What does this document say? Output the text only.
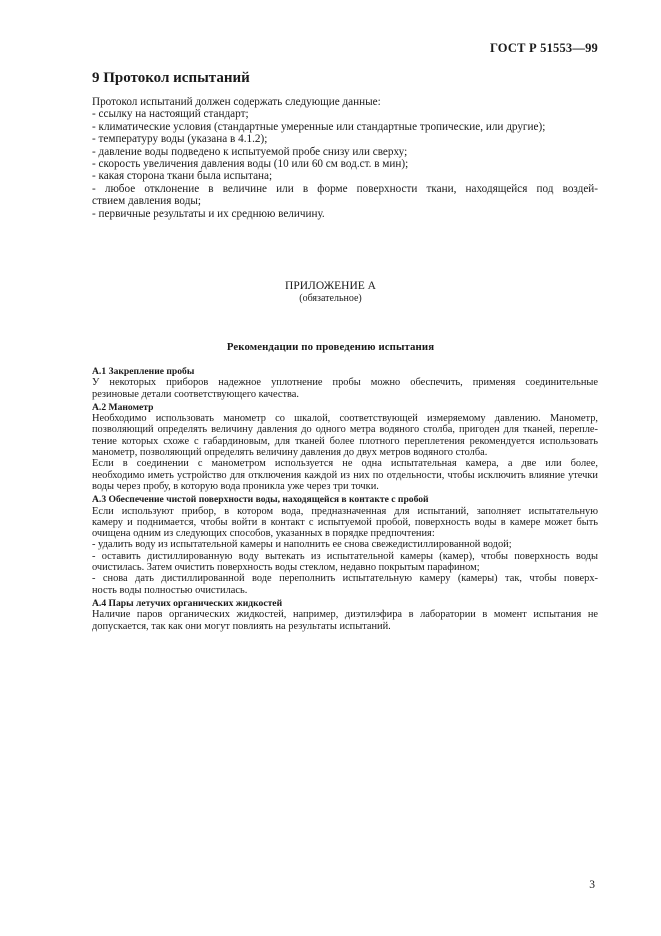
ГОСТ Р 51553—99
9 Протокол испытаний

Протокол испытаний должен содержать следующие данные:

- ссылку на настоящий стандарт;

- климатические условия (стандартные умеренные или стандартные тропические, или другие);

- температуру воды (указана в 4.1.2);

- давление воды подведено к испытуемой пробе снизу или сверху;

- скорость увеличения давления воды (10 или 60 см вод.ст. в мин);

- какая сторона ткани была испытана;

- любое отклонение в величине или в форме поверхности ткани, находящейся под воздей-

ствием давления воды;

- первичные результаты и их среднюю величину.

ПРИЛОЖЕНИЕ А
(обязательное)
Рекомендации по проведению испытания

А.1 Закрепление пробы

У некоторых приборов надежное уплотнение пробы можно обеспечить, применяя соединительные

резиновые детали соответствующего качества.

А.2 Манометр

Необходимо использовать манометр со шкалой, соответствующей измеряемому давлению. Манометр,

позволяющий определять величину давления до одного метра водяного столба, пригоден для тканей, перепле-

тение которых схоже с габардиновым, для тканей более плотного переплетения рекомендуется использовать

манометр, позволяющий определять величину давления до двух метров водяного столба.

Если в соединении с манометром используется не одна испытательная камера, а две или более,

необходимо иметь устройство для отключения каждой из них по отдельности, чтобы исключить влияние утечки

воды через пробу, в которую вода проникла уже через три точки.

А.3 Обеспечение чистой поверхности воды, находящейся в контакте с пробой

Если используют прибор, в котором вода, предназначенная для испытаний, заполняет испытательную

камеру и поднимается, чтобы войти в контакт с испытуемой пробой, поверхность воды в камере может быть

очищена одним из следующих способов, указанных в порядке предпочтения:

- удалить воду из испытательной камеры и наполнить ее снова свежедистиллированной водой;

- оставить дистиллированную воду вытекать из испытательной камеры (камер), чтобы поверхность воды

очистилась. Затем очистить поверхность воды стеклом, недавно покрытым парафином;

- снова дать дистиллированной воде переполнить испытательную камеру (камеры) так, чтобы поверх-

ность воды полностью очистилась.

А.4 Пары летучих органических жидкостей

Наличие паров органических жидкостей, например, диэтилэфира в лаборатории в момент испытания не

допускается, так как они могут повлиять на результаты испытаний.

3
